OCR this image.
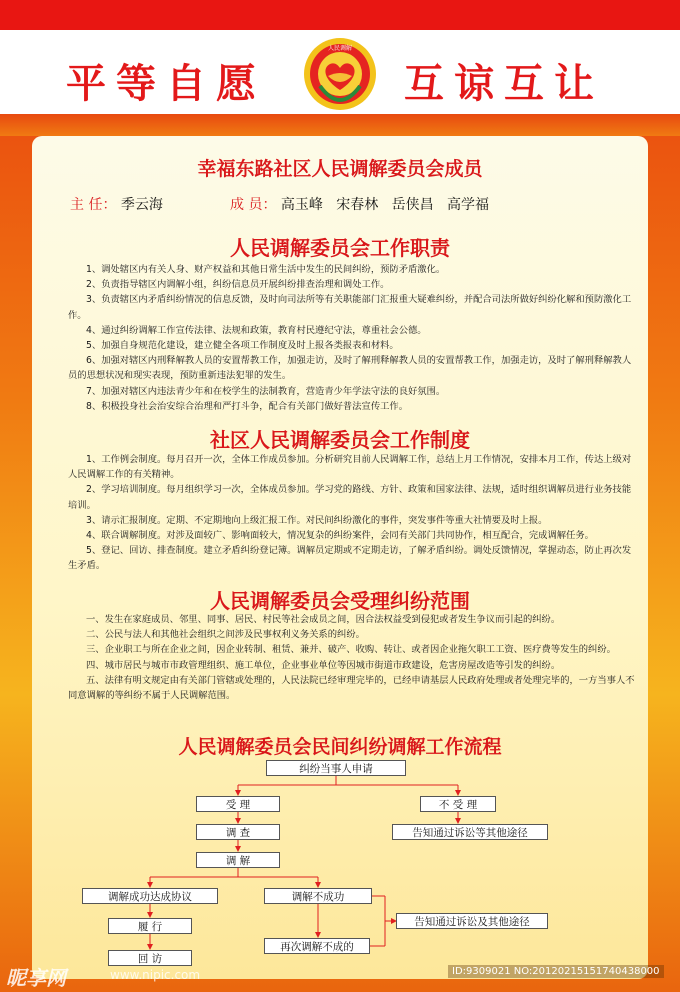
平等自愿
人民调解
互谅互让
幸福东路社区人民调解委员会成员
主 任： 季云海	成 员： 高玉峰   宋春林   岳侠昌   高学福
人民调解委员会工作职责
1、调处辖区内有关人身、财产权益和其他日常生活中发生的民间纠纷，预防矛盾激化。
2、负责指导辖区内调解小组，纠纷信息员开展纠纷排查治理和调处工作。
3、负责辖区内矛盾纠纷情况的信息反馈，及时向司法所等有关职能部门汇报重大疑难纠纷，并配合司法所做好纠纷化解和预防激化工作。
4、通过纠纷调解工作宣传法律、法规和政策，教育村民遵纪守法，尊重社会公德。
5、加强自身规范化建设，建立健全各项工作制度及时上报各类报表和材料。
6、加强对辖区内刑释解教人员的安置帮教工作，加强走访，及时了解刑释解教人员的安置帮教工作，加强走访，及时了解刑释解教人员的思想状况和现实表现，预防重新违法犯罪的发生。
7、加强对辖区内违法青少年和在校学生的法制教育，营造青少年学法守法的良好氛围。
8、积极投身社会治安综合治理和严打斗争，配合有关部门做好普法宣传工作。
社区人民调解委员会工作制度
1、工作例会制度。每月召开一次，全体工作成员参加。分析研究目前人民调解工作，总结上月工作情况，安排本月工作，传达上级对人民调解工作的有关精神。
2、学习培训制度。每月组织学习一次，全体成员参加。学习党的路线、方针、政策和国家法律、法规，适时组织调解员进行业务技能培训。
3、请示汇报制度。定期、不定期地向上级汇报工作。对民间纠纷激化的事件，突发事件等重大社情要及时上报。
4、联合调解制度。对涉及面较广、影响面较大，情况复杂的纠纷案件，会同有关部门共同协作，相互配合，完成调解任务。
5、登记、回访、排查制度。建立矛盾纠纷登记簿。调解员定期或不定期走访，了解矛盾纠纷。调处反馈情况，掌握动态，防止再次发生矛盾。
人民调解委员会受理纠纷范围
一、发生在家庭成员、邻里、同事、居民、村民等社会成员之间，因合法权益受到侵犯或者发生争议而引起的纠纷。
二、公民与法人和其他社会组织之间涉及民事权利义务关系的纠纷。
三、企业职工与所在企业之间，因企业转制、租赁、兼并、破产、收购、转让、或者因企业拖欠职工工资、医疗费等发生的纠纷。
四、城市居民与城市市政管理组织、施工单位，企业事业单位等因城市街道市政建设，危害房屋改造等引发的纠纷。
五、法律有明文规定由有关部门管辖或处理的，人民法院已经审理完毕的，已经申请基层人民政府处理或者处理完毕的，一方当事人不同意调解的等纠纷不属于人民调解范围。
人民调解委员会民间纠纷调解工作流程
纠纷当事人申请
受 理	不 受 理
调 查	告知通过诉讼等其他途径
调 解
调解成功达成协议	调解不成功
履 行	告知通过诉讼及其他途径
再次调解不成的
回 访
昵享网	www.nipic.com	ID:9309021 NO:20120215151740438000
